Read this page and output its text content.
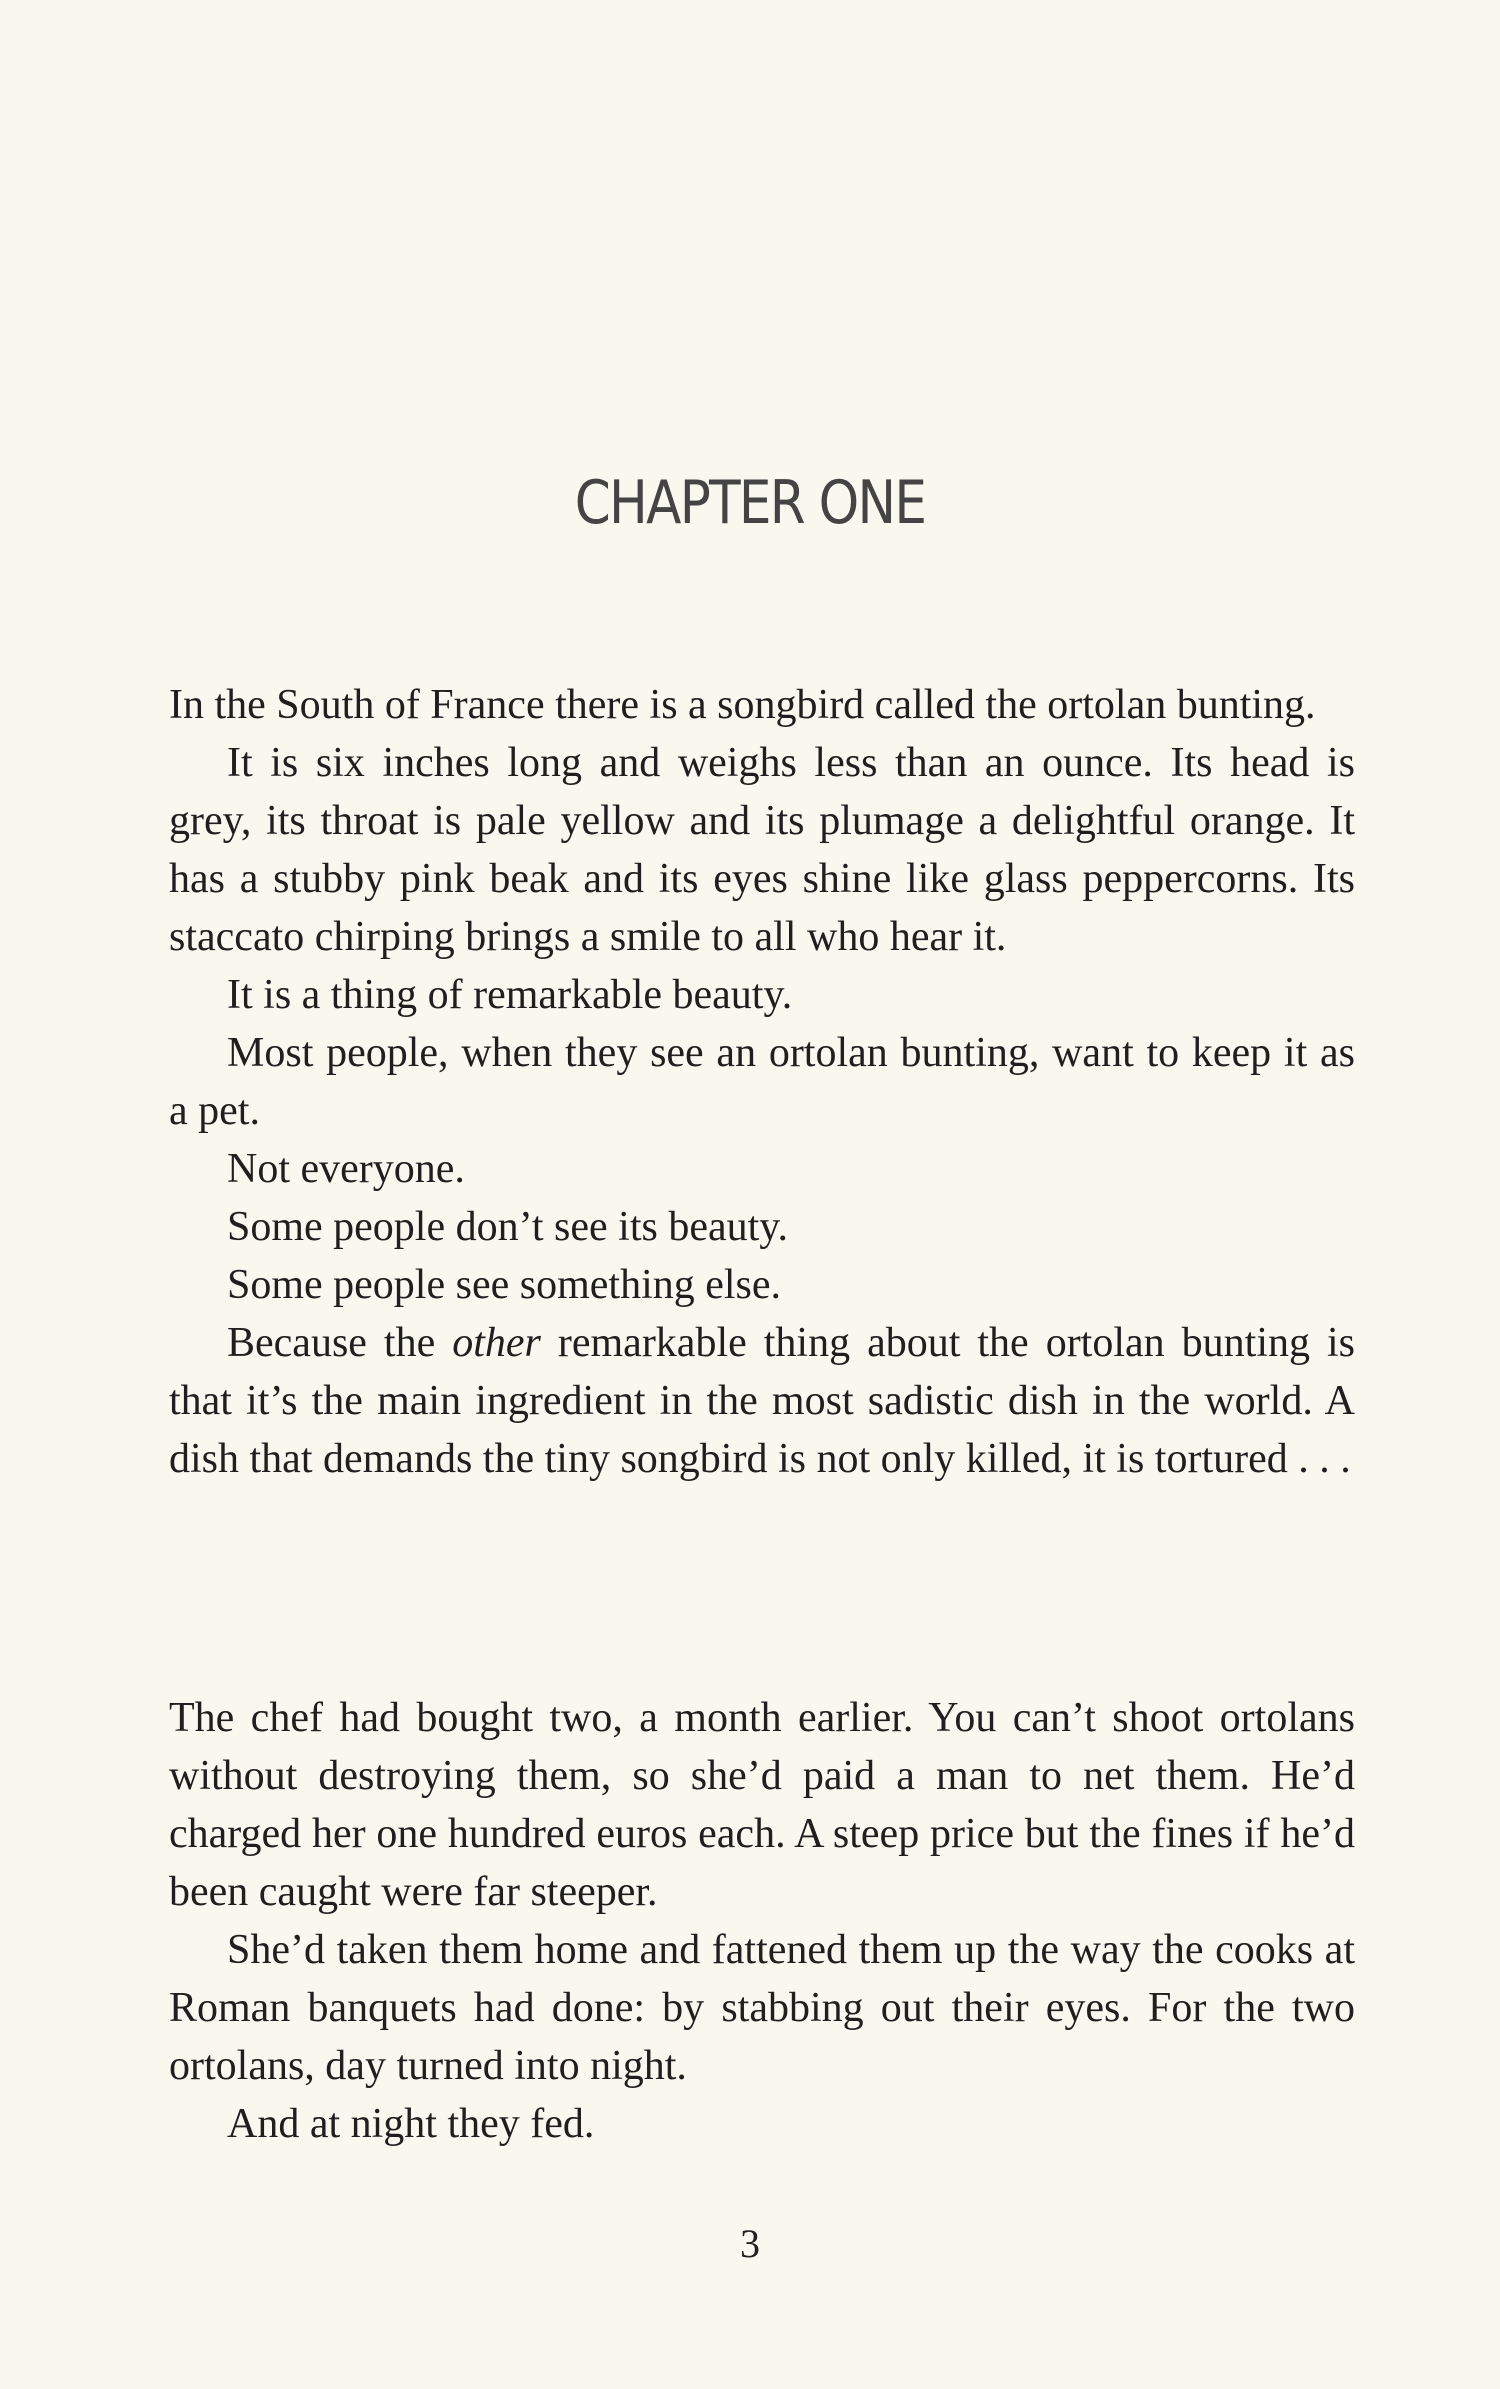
CHAPTER ONE

In the South of France there is a songbird called the ortolan bunting.

It is six inches long and weighs less than an ounce. Its head is grey, its throat is pale yellow and its plumage a delightful orange. It has a stubby pink beak and its eyes shine like glass peppercorns. Its staccato chirping brings a smile to all who hear it.

It is a thing of remarkable beauty.

Most people, when they see an ortolan bunting, want to keep it as a pet.

Not everyone.

Some people don’t see its beauty.

Some people see something else.

Because the other remarkable thing about the ortolan bunting is that it’s the main ingredient in the most sadistic dish in the world. A dish that demands the tiny songbird is not only killed, it is tortured . . .

The chef had bought two, a month earlier. You can’t shoot ortolans without destroying them, so she’d paid a man to net them. He’d charged her one hundred euros each. A steep price but the fines if he’d been caught were far steeper.

She’d taken them home and fattened them up the way the cooks at Roman banquets had done: by stabbing out their eyes. For the two ortolans, day turned into night.

And at night they fed.

3
